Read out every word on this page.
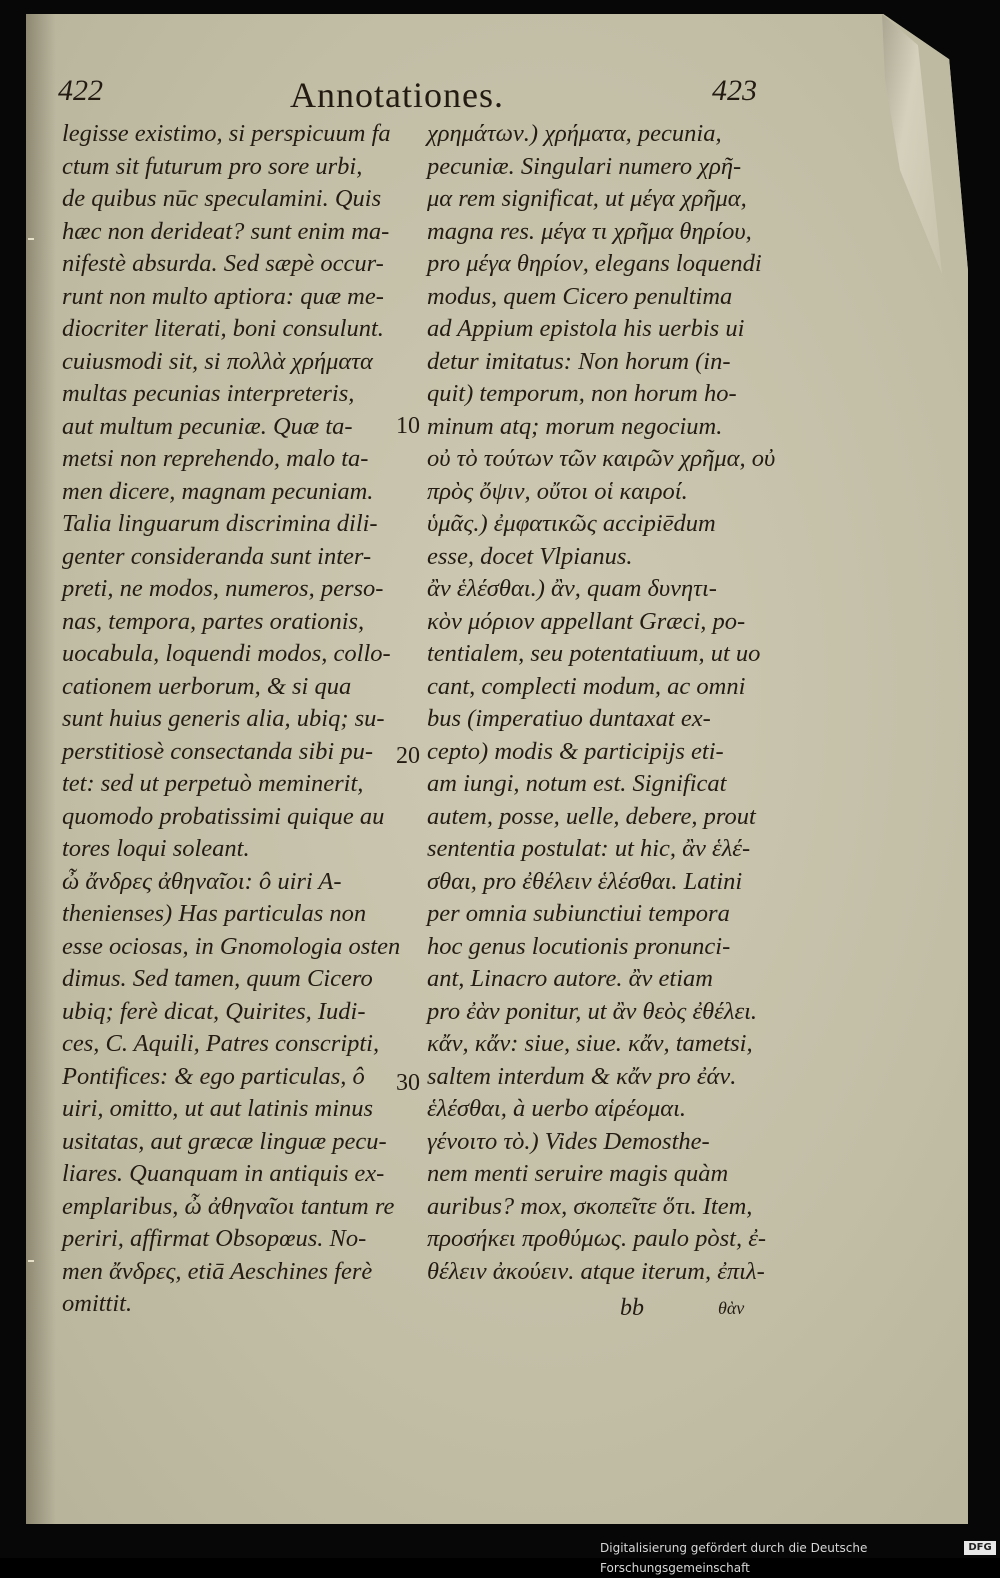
422	Annotationes.	423
legisse existimo, si perspicuum fa
ctum sit futurum pro sore urbi,
de quibus nūc speculamini. Quis
hæc non derideat? sunt enim ma-
nifestè absurda. Sed sæpè occur-
runt non multo aptiora: quæ me-
diocriter literati, boni consulunt.
cuiusmodi sit, si πολλὰ χρήματα
multas pecunias interpreteris,
aut multum pecuniæ. Quæ ta-
metsi non reprehendo, malo ta-
men dicere, magnam pecuniam.
Talia linguarum discrimina dili-
genter consideranda sunt inter-
preti, ne modos, numeros, perso-
nas, tempora, partes orationis,
uocabula, loquendi modos, collo-
cationem uerborum, & si qua
sunt huius generis alia, ubiq; su-
perstitiosè consectanda sibi pu-
tet: sed ut perpetuò meminerit,
quomodo probatissimi quique au
tores loqui soleant.
ὦ ἄνδρες ἀθηναῖοι: ô uiri A-
thenienses) Has particulas non
esse ociosas, in Gnomologia osten
dimus. Sed tamen, quum Cicero
ubiq; ferè dicat, Quirites, Iudi-
ces, C. Aquili, Patres conscripti,
Pontifices: & ego particulas, ô
uiri, omitto, ut aut latinis minus
usitatas, aut græcæ linguæ pecu-
liares. Quanquam in antiquis ex-
emplaribus, ὦ ἀθηναῖοι tantum re
periri, affirmat Obsopœus. No-
men ἄνδρες, etiā Aeschines ferè
omittit.
10
20
30
χρημάτων.) χρήματα, pecunia,
pecuniæ. Singulari numero χρῆ-
μα rem significat, ut μέγα χρῆμα,
magna res. μέγα τι χρῆμα θηρίου,
pro μέγα θηρίον, elegans loquendi
modus, quem Cicero penultima
ad Appium epistola his uerbis ui
detur imitatus: Non horum (in-
quit) temporum, non horum ho-
minum atq; morum negocium.
οὐ τὸ τούτων τῶν καιρῶν χρῆμα, οὐ
πρὸς ὄψιν, οὔτοι οἱ καιροί.
ὑμᾶς.) ἐμφατικῶς accipiēdum
esse, docet Vlpianus.
ἂν ἑλέσθαι.) ἂν, quam δυνητι-
κὸν μόριον appellant Græci, po-
tentialem, seu potentatiuum, ut uo
cant, complecti modum, ac omni
bus (imperatiuo duntaxat ex-
cepto) modis & participijs eti-
am iungi, notum est. Significat
autem, posse, uelle, debere, prout
sententia postulat: ut hic, ἂν ἑλέ-
σθαι, pro ἐθέλειν ἑλέσθαι. Latini
per omnia subiunctiui tempora
hoc genus locutionis pronunci-
ant, Linacro autore. ἂν etiam
pro ἐὰν ponitur, ut ἂν θεὸς ἐθέλει.
κἄν, κἄν: siue, siue. κἄν, tametsi,
saltem interdum & κἄν pro ἐάν.
ἑλέσθαι, à uerbo αἱρέομαι.
γένοιτο τὸ.) Vides Demosthe-
nem menti seruire magis quàm
auribus? mox, σκοπεῖτε ὅτι. Item,
προσήκει προθύμως. paulo pòst, ἐ-
θέλειν ἀκούειν. atque iterum, ἐπιλ-
bb	θὰν
Digitalisierung gefördert durch die Deutsche Forschungsgemeinschaft
DFG
